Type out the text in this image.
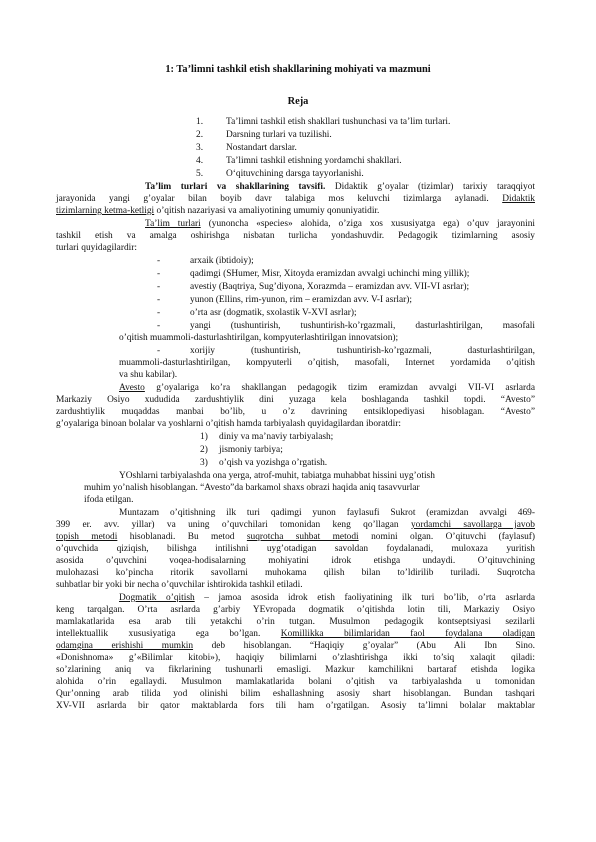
1: Ta’limni tashkil etish shakllarining mohiyati va mazmuni
Reja
1. Ta’limni tashkil etish shakllari tushunchasi va ta’lim turlari.
2. Darsning turlari va tuzilishi.
3. Nostandart darslar.
4. Ta’limni tashkil etishning yordamchi shakllari.
5. O‘qituvchining darsga tayyorlanishi.
Ta’lim turlari va shakllarining tavsifi. Didaktik g’oyalar (tizimlar) tarixiy taraqqiyot
jarayonida yangi g’oyalar bilan boyib davr talabiga mos keluvchi tizimlarga aylanadi. Didaktik
tizimlarning ketma-ketligi o’qitish nazariyasi va amaliyotining umumiy qonuniyatidir.
Ta’lim turlari (yunoncha «species» alohida, o’ziga xos xususiyatga ega) o’quv jarayonini
tashkil etish va amalga oshirishga nisbatan turlicha yondashuvdir. Pedagogik tizimlarning asosiy
turlari quyidagilardir:
-	arxaik (ibtidoiy);
-	qadimgi (SHumer, Misr, Xitoyda eramizdan avvalgi uchinchi ming yillik);
-	avestiy (Baqtriya, Sug’diyona, Xorazmda – eramizdan avv. VII-VI asrlar);
-	yunon (Ellins, rim-yunon, rim – eramizdan avv. V-I asrlar);
-	o’rta asr (dogmatik, sxolastik V-XVI asrlar);
-	yangi (tushuntirish, tushuntirish-ko’rgazmali, dasturlashtirilgan, masofali
o’qitish muammoli-dasturlashtirilgan, kompyuterlashtirilgan innovatsion);
-	xorijiy (tushuntirish, tushuntirish-ko’rgazmali, dasturlashtirilgan,
muammoli-dasturlashtirilgan, kompyuterli o’qitish, masofali, Internet yordamida o’qitish
va shu kabilar).
Avesto g’oyalariga ko’ra shakllangan pedagogik tizim eramizdan avvalgi VII-VI asrlarda
Markaziy Osiyo xududida zardushtiylik dini yuzaga kela boshlaganda tashkil topdi. “Avesto”
zardushtiylik muqaddas manbai bo’lib, u o’z davrining entsiklopediyasi hisoblagan. “Avesto”
g’oyalariga binoan bolalar va yoshlarni o’qitish hamda tarbiyalash quyidagilardan iboratdir:
1) diniy va ma’naviy tarbiyalash;
2) jismoniy tarbiya;
3) o’qish va yozishga o’rgatish.
YOshlarni tarbiyalashda ona yerga, atrof-muhit, tabiatga muhabbat hissini uyg’otish
muhim yo’nalish hisoblangan. “Avesto”da barkamol shaxs obrazi haqida aniq tasavvurlar
ifoda etilgan.
Muntazam o’qitishning ilk turi qadimgi yunon faylasufi Sukrot (eramizdan avvalgi 469-
399 er. avv. yillar) va uning o’quvchilari tomonidan keng qo’llagan yordamchi savollarga javob
topish metodi hisoblanadi. Bu metod suqrotcha suhbat metodi nomini olgan. O’qituvchi (faylasuf)
o’quvchida qiziqish, bilishga intilishni uyg’otadigan savoldan foydalanadi, muloxaza yuritish
asosida o’quvchini voqea-hodisalarning mohiyatini idrok etishga undaydi. O’qituvchining
mulohazasi ko’pincha ritorik savollarni muhokama qilish bilan to’ldirilib turiladi. Suqrotcha
suhbatlar bir yoki bir necha o’quvchilar ishtirokida tashkil etiladi.
Dogmatik o’qitish – jamoa asosida idrok etish faoliyatining ilk turi bo’lib, o’rta asrlarda
keng tarqalgan. O’rta asrlarda g’arbiy YEvropada dogmatik o’qitishda lotin tili, Markaziy Osiyo
mamlakatlarida esa arab tili yetakchi o’rin tutgan. Musulmon pedagogik kontseptsiyasi sezilarli
intellektuallik xususiyatiga ega bo’lgan. Komillikka bilimlaridan faol foydalana oladigan
odamgina erishishi mumkin deb hisoblangan. “Haqiqiy g’oyalar” (Abu Ali Ibn Sino.
«Donishnoma» g’«Bilimlar kitobi»), haqiqiy bilimlarni o’zlashtirishga ikki to’siq xalaqit qiladi:
so’zlarining aniq va fikrlarining tushunarli emasligi. Mazkur kamchilikni bartaraf etishda logika
alohida o’rin egallaydi. Musulmon mamlakatlarida bolani o’qitish va tarbiyalashda u tomonidan
Qur’onning arab tilida yod olinishi bilim eshallashning asosiy shart hisoblangan. Bundan tashqari
XV-VII asrlarda bir qator maktablarda fors tili ham o’rgatilgan. Asosiy ta’limni bolalar maktablar
